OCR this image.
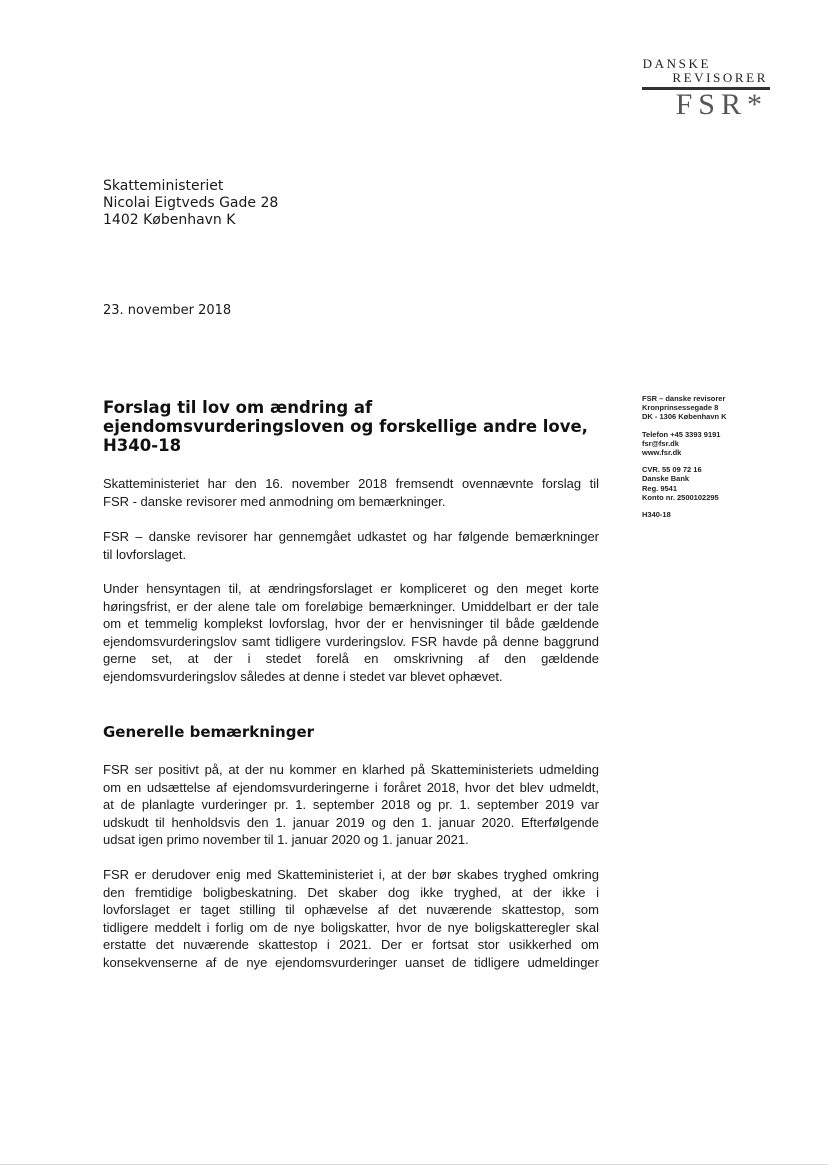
DANSKE
REVISORER
FSR*
Skatteministeriet
Nicolai Eigtveds Gade 28
1402 København K
23. november 2018
FSR – danske revisorer
Kronprinsessegade 8
DK - 1306 København K
Telefon +45 3393 9191
fsr@fsr.dk
www.fsr.dk
CVR. 55 09 72 16
Danske Bank
Reg. 9541
Konto nr. 2500102295
H340-18
Forslag til lov om ændring af
ejendomsvurderingsloven og forskellige andre love,
H340-18

Skatteministeriet har den 16. november 2018 fremsendt ovennævnte forslag til
FSR - danske revisorer med anmodning om bemærkninger.

FSR – danske revisorer har gennemgået udkastet og har følgende bemærkninger
til lovforslaget.

Under hensyntagen til, at ændringsforslaget er kompliceret og den meget korte
høringsfrist, er der alene tale om foreløbige bemærkninger. Umiddelbart er der tale
om et temmelig komplekst lovforslag, hvor der er henvisninger til både gældende
ejendomsvurderingslov samt tidligere vurderingslov. FSR havde på denne baggrund
gerne set, at der i stedet forelå en omskrivning af den gældende
ejendomsvurderingslov således at denne i stedet var blevet ophævet.

Generelle bemærkninger

FSR ser positivt på, at der nu kommer en klarhed på Skatteministeriets udmelding
om en udsættelse af ejendomsvurderingerne i foråret 2018, hvor det blev udmeldt,
at de planlagte vurderinger pr. 1. september 2018 og pr. 1. september 2019 var
udskudt til henholdsvis den 1. januar 2019 og den 1. januar 2020. Efterfølgende
udsat igen primo november til 1. januar 2020 og 1. januar 2021.

FSR er derudover enig med Skatteministeriet i, at der bør skabes tryghed omkring
den fremtidige boligbeskatning. Det skaber dog ikke tryghed, at der ikke i
lovforslaget er taget stilling til ophævelse af det nuværende skattestop, som
tidligere meddelt i forlig om de nye boligskatter, hvor de nye boligskatteregler skal
erstatte det nuværende skattestop i 2021. Der er fortsat stor usikkerhed om
konsekvenserne af de nye ejendomsvurderinger uanset de tidligere udmeldinger
